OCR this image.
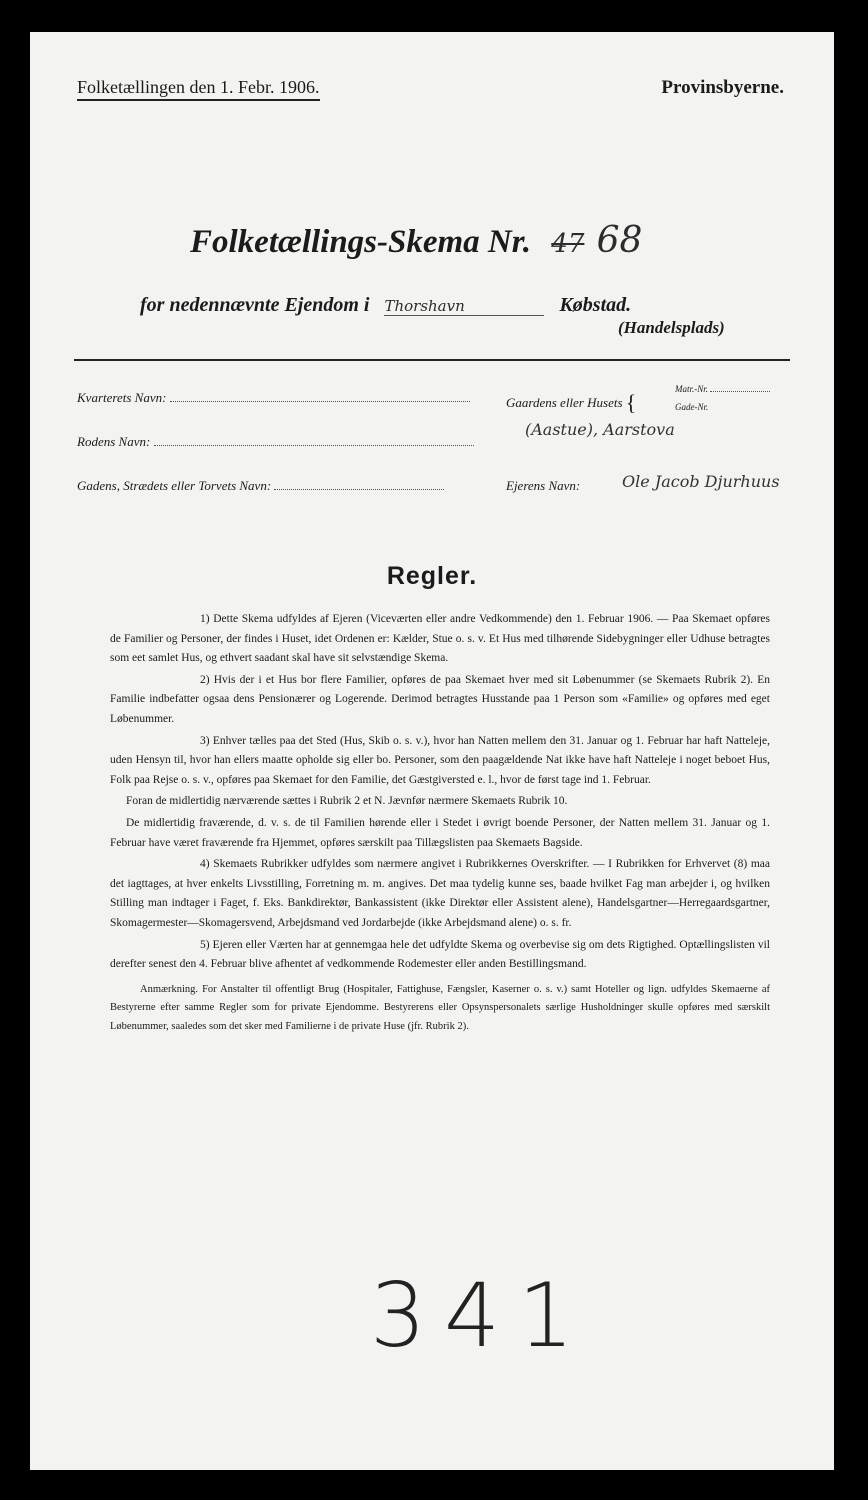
Folketællingen den 1. Febr. 1906.	Provinsbyerne.
Folketællings-Skema Nr. 47 68
for nedennævnte Ejendom i Thorshavn	Købstad.
(Handelsplads)
Kvarterets Navn:	Gaardens eller Husets {
Matr.-Nr.
Gade-Nr.
Rodens Navn:
(Aastue), Aarstova
Gadens, Strædets eller Torvets Navn:	Ejerens Navn:	Ole Jacob Djurhuus
Regler.

1) Dette Skema udfyldes af Ejeren (Viceværten eller andre Vedkommende) den 1. Februar 1906. — Paa Skemaet opføres de Familier og Personer, der findes i Huset, idet Ordenen er: Kælder, Stue o. s. v. Et Hus med tilhørende Sidebygninger eller Udhuse betragtes som eet samlet Hus, og ethvert saadant skal have sit selvstændige Skema.

2) Hvis der i et Hus bor flere Familier, opføres de paa Skemaet hver med sit Løbenummer (se Skemaets Rubrik 2). En Familie indbefatter ogsaa dens Pensionærer og Logerende. Derimod betragtes Husstande paa 1 Person som «Familie» og opføres med eget Løbenummer.

3) Enhver tælles paa det Sted (Hus, Skib o. s. v.), hvor han Natten mellem den 31. Januar og 1. Februar har haft Natteleje, uden Hensyn til, hvor han ellers maatte opholde sig eller bo. Personer, som den paagældende Nat ikke have haft Natteleje i noget beboet Hus, Folk paa Rejse o. s. v., opføres paa Skemaet for den Familie, det Gæstgiversted e. l., hvor de først tage ind 1. Februar.

Foran de midlertidig nærværende sættes i Rubrik 2 et N. Jævnfør nærmere Skemaets Rubrik 10.

De midlertidig fraværende, d. v. s. de til Familien hørende eller i Stedet i øvrigt boende Personer, der Natten mellem 31. Januar og 1. Februar have været fraværende fra Hjemmet, opføres særskilt paa Tillægslisten paa Skemaets Bagside.

4) Skemaets Rubrikker udfyldes som nærmere angivet i Rubrikkernes Overskrifter. — I Rubrikken for Erhvervet (8) maa det iagttages, at hver enkelts Livsstilling, Forretning m. m. angives. Det maa tydelig kunne ses, baade hvilket Fag man arbejder i, og hvilken Stilling man indtager i Faget, f. Eks. Bankdirektør, Bankassistent (ikke Direktør eller Assistent alene), Handelsgartner—Herregaardsgartner, Skomagermester—Skomagersvend, Arbejdsmand ved Jordarbejde (ikke Arbejdsmand alene) o. s. fr.

5) Ejeren eller Værten har at gennemgaa hele det udfyldte Skema og overbevise sig om dets Rigtighed. Optællingslisten vil derefter senest den 4. Februar blive afhentet af vedkommende Rodemester eller anden Bestillingsmand.

Anmærkning. For Anstalter til offentligt Brug (Hospitaler, Fattighuse, Fængsler, Kaserner o. s. v.) samt Hoteller og lign. udfyldes Skemaerne af Bestyrerne efter samme Regler som for private Ejendomme. Bestyrerens eller Opsynspersonalets særlige Husholdninger skulle opføres med særskilt Løbenummer, saaledes som det sker med Familierne i de private Huse (jfr. Rubrik 2).

341
